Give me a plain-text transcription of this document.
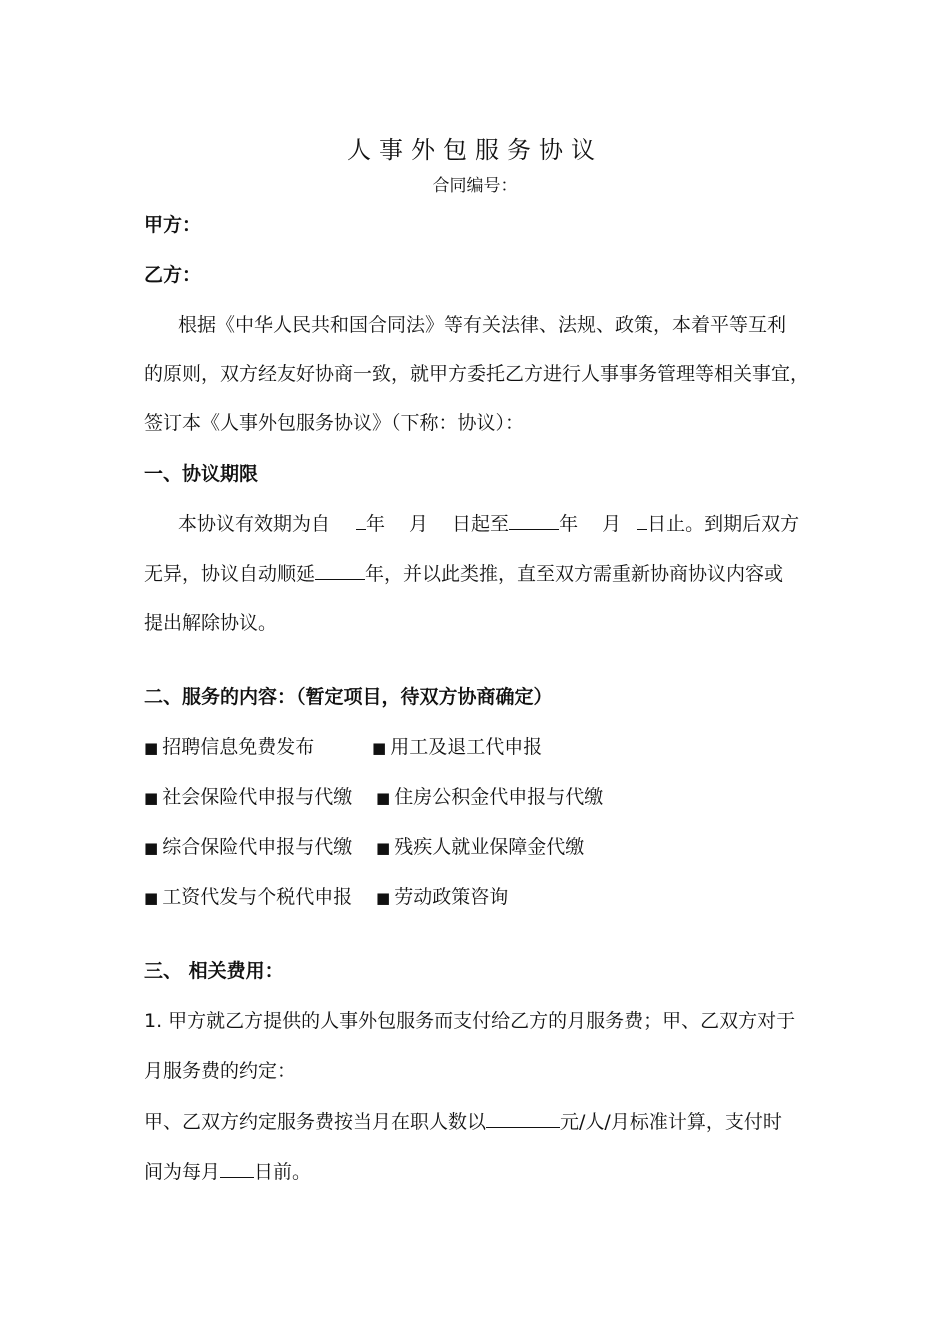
人事外包服务协议
合同编号：
甲方：
乙方：
根据《中华人民共和国合同法》等有关法律、法规、政策，本着平等互利
的原则，双方经友好协商一致，就甲方委托乙方进行人事事务管理等相关事宜，
签订本《人事外包服务协议》（下称：协议）：
一、协议期限
本协议有效期为自 年 月 日起至	年 月 日止。到期后双方
无异，协议自动顺延	年，并以此类推，直至双方需重新协商协议内容或
提出解除协议。
二、服务的内容：（暂定项目，待双方协商确定）
■ 招聘信息免费发布	■ 用工及退工代申报
■ 社会保险代申报与代缴 ■ 住房公积金代申报与代缴
■ 综合保险代申报与代缴 ■ 残疾人就业保障金代缴
■ 工资代发与个税代申报 ■ 劳动政策咨询
三、 相关费用：
1. 甲方就乙方提供的人事外包服务而支付给乙方的月服务费；甲、乙双方对于
月服务费的约定：
甲、乙双方约定服务费按当月在职人数以	元/人/月标准计算，支付时
间为每月 日前。
